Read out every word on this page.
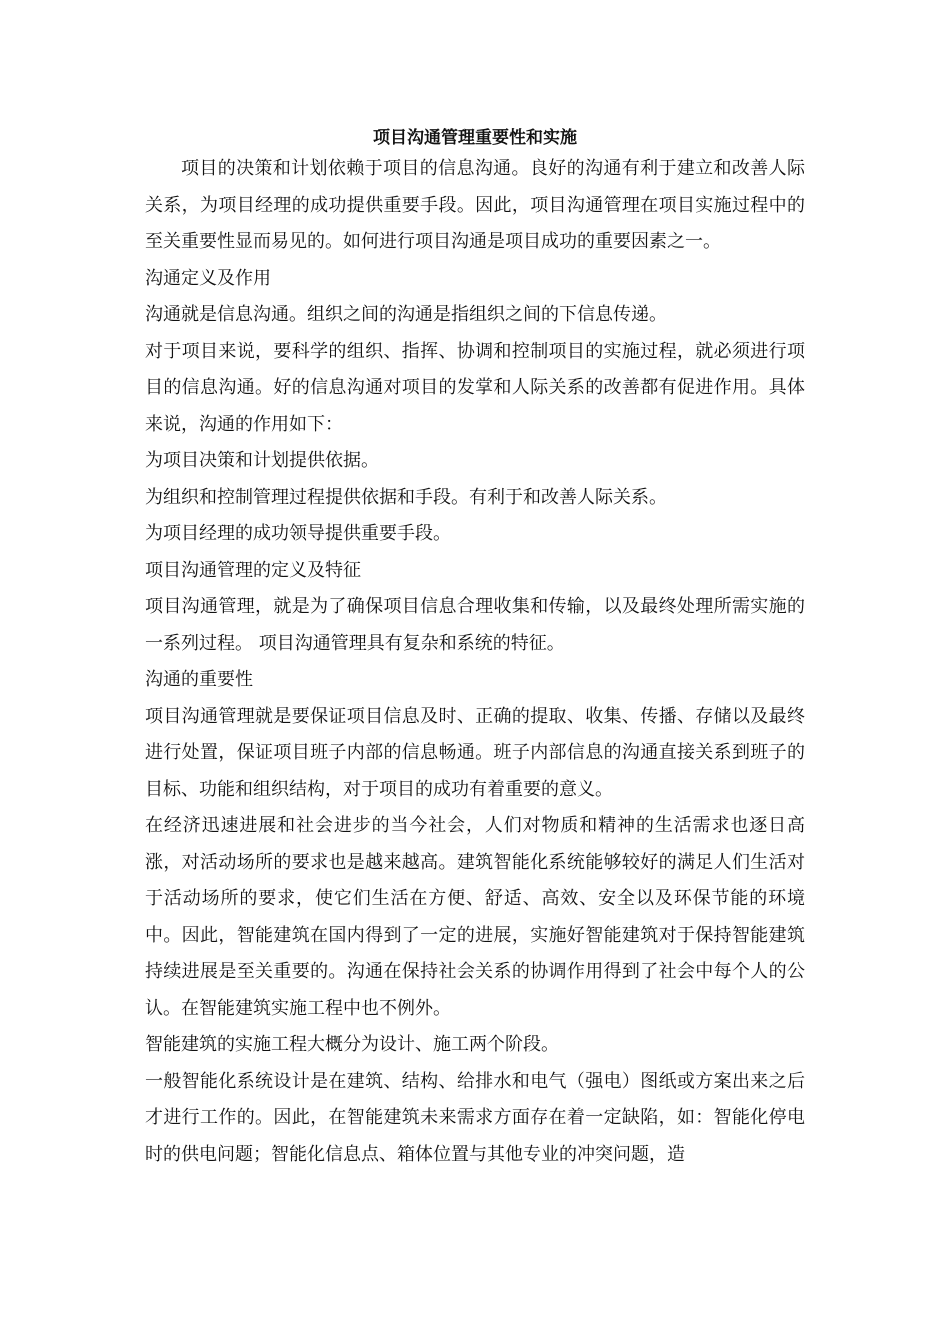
项目沟通管理重要性和实施

项目的决策和计划依赖于项目的信息沟通。良好的沟通有利于建立和改善人际关系，为项目经理的成功提供重要手段。因此，项目沟通管理在项目实施过程中的至关重要性显而易见的。如何进行项目沟通是项目成功的重要因素之一。

沟通定义及作用

沟通就是信息沟通。组织之间的沟通是指组织之间的下信息传递。

对于项目来说，要科学的组织、指挥、协调和控制项目的实施过程，就必须进行项目的信息沟通。好的信息沟通对项目的发掌和人际关系的改善都有促进作用。具体来说，沟通的作用如下：

为项目决策和计划提供依据。

为组织和控制管理过程提供依据和手段。有利于和改善人际关系。

为项目经理的成功领导提供重要手段。

项目沟通管理的定义及特征

项目沟通管理，就是为了确保项目信息合理收集和传输，以及最终处理所需实施的一系列过程。 项目沟通管理具有复杂和系统的特征。

沟通的重要性

项目沟通管理就是要保证项目信息及时、正确的提取、收集、传播、存储以及最终进行处置，保证项目班子内部的信息畅通。班子内部信息的沟通直接关系到班子的目标、功能和组织结构，对于项目的成功有着重要的意义。

在经济迅速进展和社会进步的当今社会，人们对物质和精神的生活需求也逐日高涨，对活动场所的要求也是越来越高。建筑智能化系统能够较好的满足人们生活对于活动场所的要求，使它们生活在方便、舒适、高效、安全以及环保节能的环境中。因此，智能建筑在国内得到了一定的进展，实施好智能建筑对于保持智能建筑持续进展是至关重要的。沟通在保持社会关系的协调作用得到了社会中每个人的公认。在智能建筑实施工程中也不例外。

智能建筑的实施工程大概分为设计、施工两个阶段。

一般智能化系统设计是在建筑、结构、给排水和电气（强电）图纸或方案出来之后才进行工作的。因此，在智能建筑未来需求方面存在着一定缺陷，如：智能化停电时的供电问题；智能化信息点、箱体位置与其他专业的冲突问题，造
